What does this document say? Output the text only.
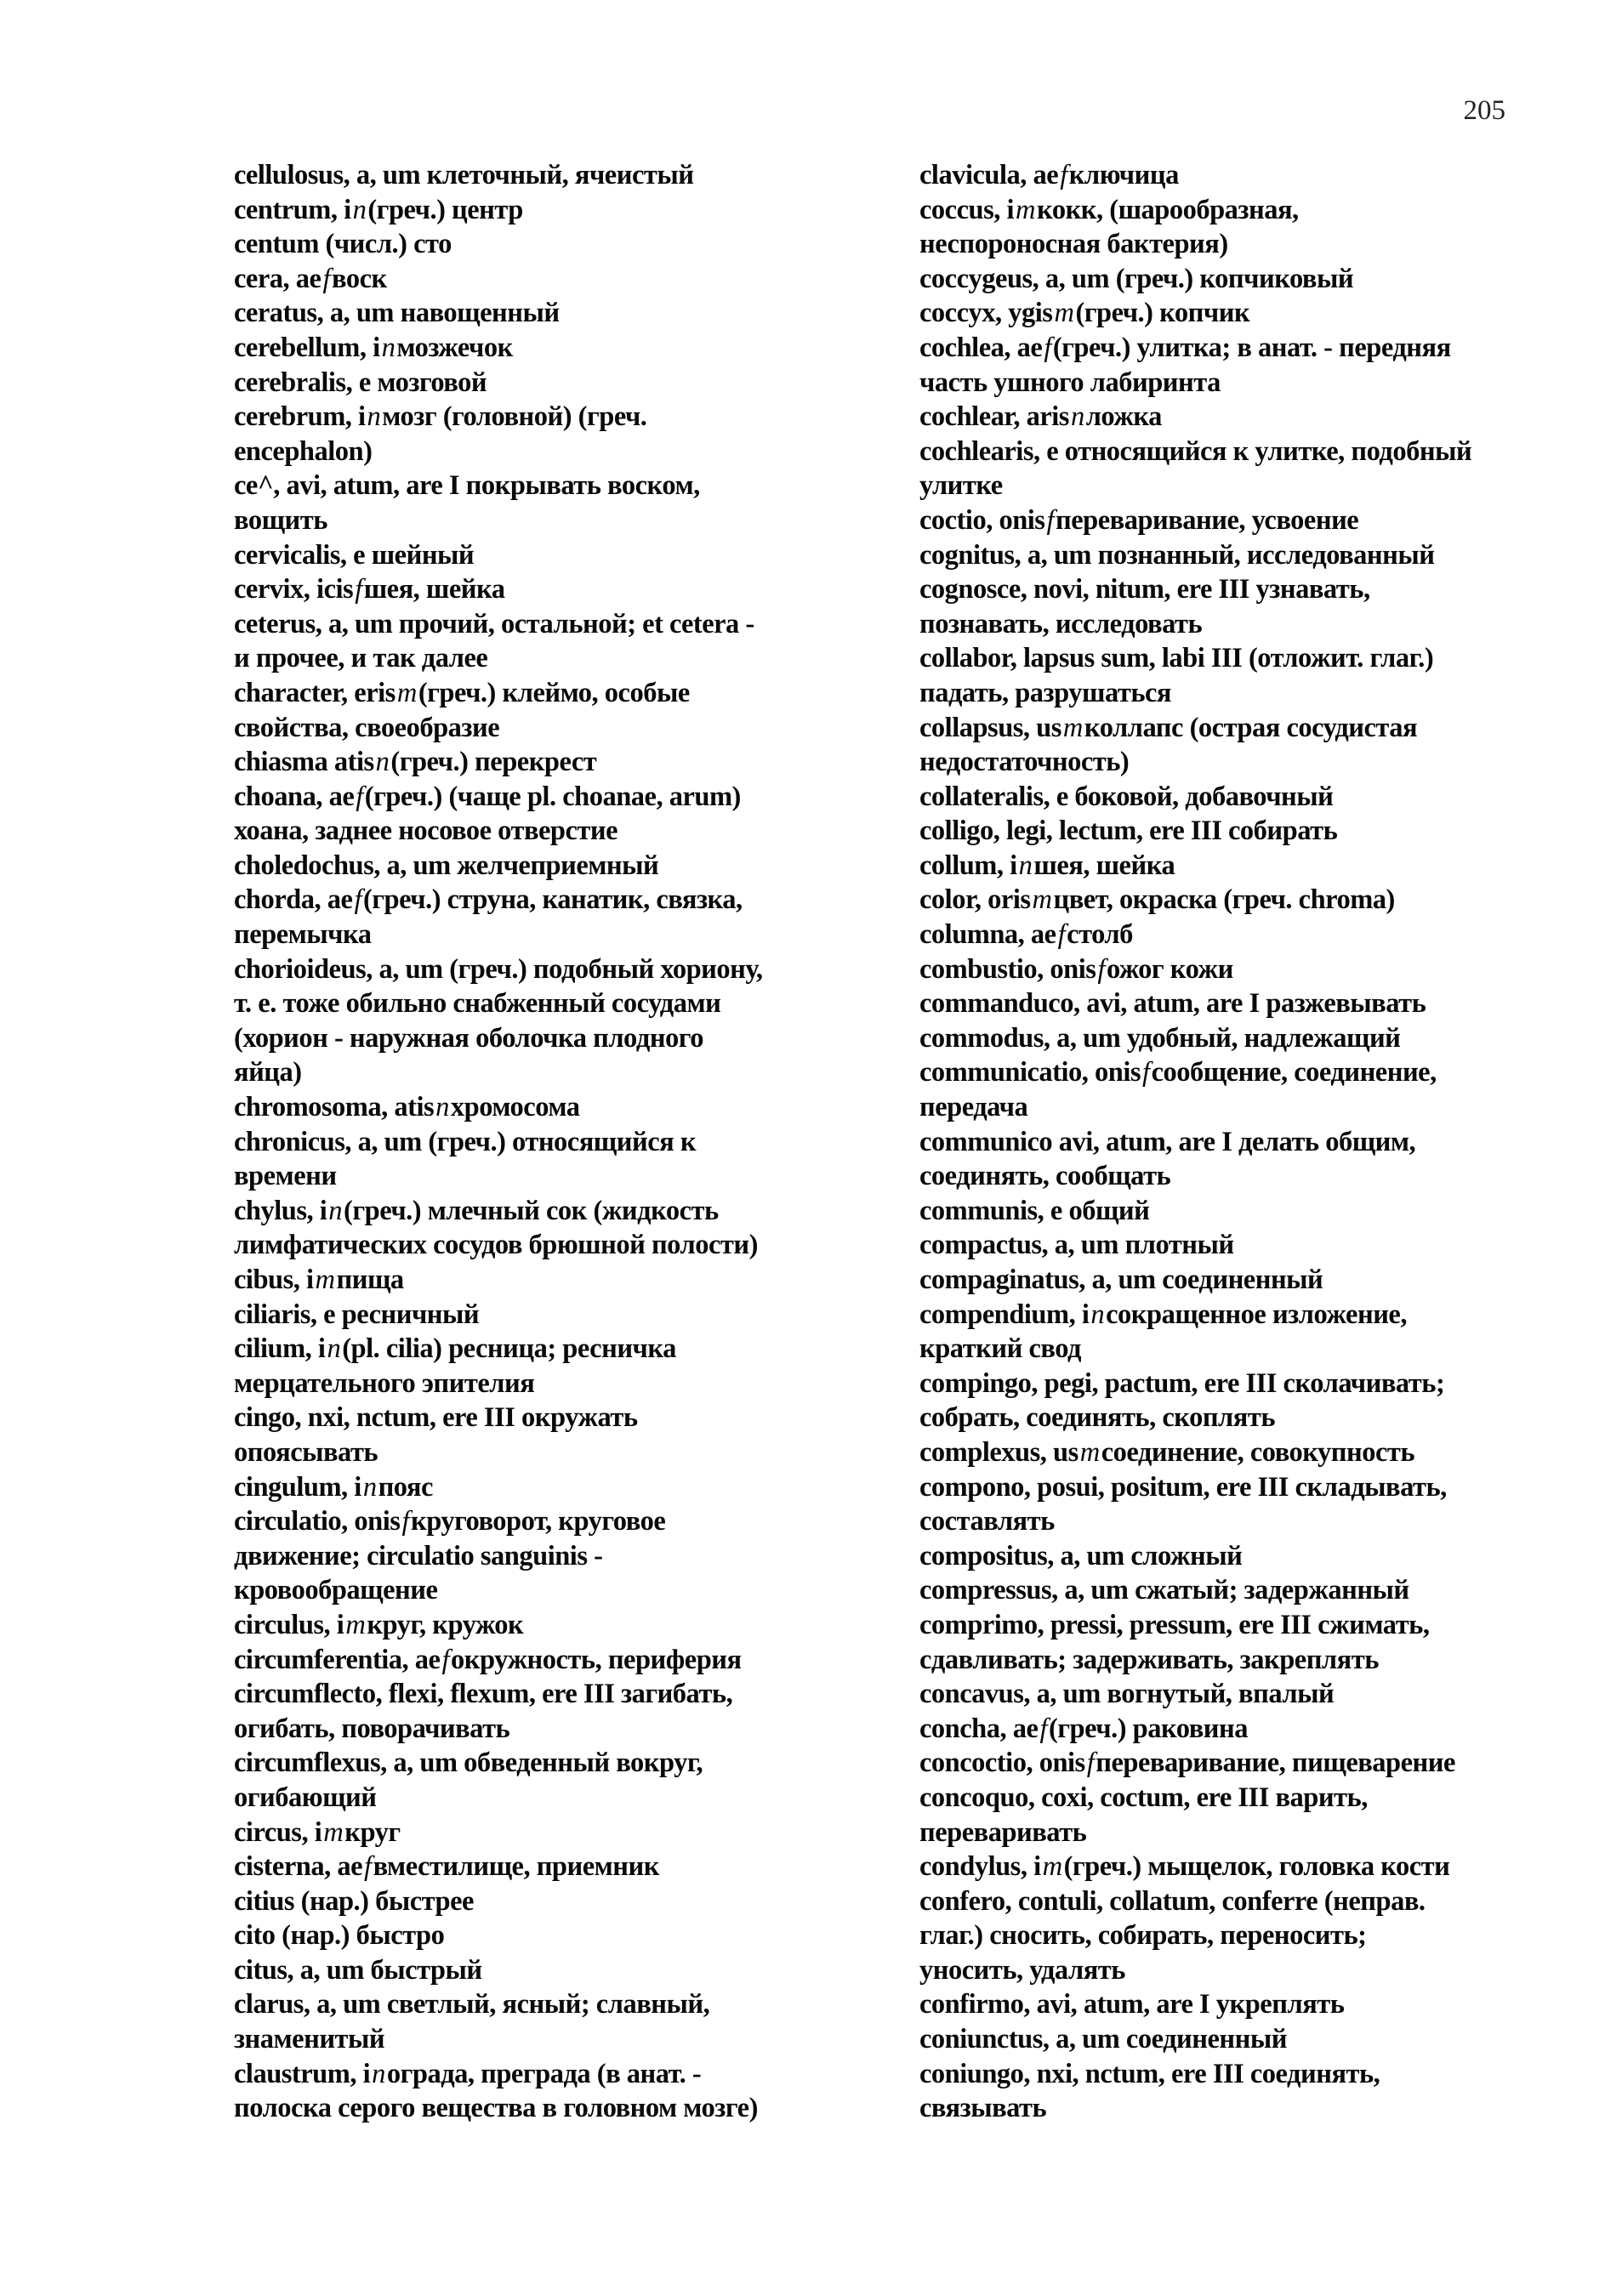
205
cellulosus, a, um клеточный, ячеистый
centrum, in(греч.) центр
centum (числ.) сто
cera, aefвоск
ceratus, a, um навощенный
cerebellum, inмозжечок
cerebralis, e мозговой
cerebrum, inмозг (головной) (греч.
encephalon)
ce^, avi, atum, are I покрывать воском,
вощить
cervicalis, e шейный
cervix, icisfшея, шейка
ceterus, a, um прочий, остальной; et cetera -
и прочее, и так далее
character, erism(греч.) клеймо, особые
свойства, своеобразие
chiasma atisn(греч.) перекрест
choana, aef(греч.) (чаще pl. choanae, arum)
хоана, заднее носовое отверстие
choledochus, a, um желчеприемный
chorda, aef(греч.) струна, канатик, связка,
перемычка
chorioideus, a, um (греч.) подобный хориону,
т. е. тоже обильно снабженный сосудами
(хорион - наружная оболочка плодного
яйца)
chromosoma, atisnхромосома
chronicus, a, um (греч.) относящийся к
времени
chylus, in(греч.) млечный сок (жидкость
лимфатических сосудов брюшной полости)
cibus, imпища
ciliaris, e ресничный
cilium, in(pl. cilia) ресница; ресничка
мерцательного эпителия
cingo, nxi, nctum, ere III окружать
опоясывать
cingulum, inпояс
circulatio, onisfкруговорот, круговое
движение; circulatio sanguinis -
кровообращение
circulus, imкруг, кружок
circumferentia, aefокружность, периферия
circumflecto, flexi, flexum, ere III загибать,
огибать, поворачивать
circumflexus, a, um обведенный вокруг,
огибающий
circus, imкруг
cisterna, aefвместилище, приемник
citius (нар.) быстрее
cito (нар.) быстро
citus, a, um быстрый
clarus, a, um светлый, ясный; славный,
знаменитый
claustrum, inограда, преграда (в анат. -
полоска серого вещества в головном мозге)
clavicula, aefключица
coccus, imкокк, (шарообразная,
неспороносная бактерия)
coccygeus, a, um (греч.) копчиковый
coccyx, ygism(греч.) копчик
cochlea, aef(греч.) улитка; в анат. - передняя
часть ушного лабиринта
cochlear, arisnложка
cochlearis, e относящийся к улитке, подобный
улитке
coctio, onisfпереваривание, усвоение
cognitus, a, um познанный, исследованный
cognosce, novi, nitum, ere III узнавать,
познавать, исследовать
collabor, lapsus sum, labi III (отложит. глаг.)
падать, разрушаться
collapsus, usmколлапс (острая сосудистая
недостаточность)
collateralis, e боковой, добавочный
colligo, legi, lectum, ere III собирать
collum, inшея, шейка
color, orismцвет, окраска (греч. chroma)
columna, aefстолб
combustio, onisfожог кожи
commanduco, avi, atum, are I разжевывать
commodus, a, um удобный, надлежащий
communicatio, onisfсообщение, соединение,
передача
communico avi, atum, are I делать общим,
соединять, сообщать
communis, e общий
compactus, a, um плотный
compaginatus, a, um соединенный
compendium, inсокращенное изложение,
краткий свод
compingo, pegi, pactum, ere III сколачивать;
собрать, соединять, скоплять
complexus, usmсоединение, совокупность
compono, posui, positum, ere III складывать,
составлять
compositus, a, um сложный
compressus, a, um сжатый; задержанный
comprimo, pressi, pressum, ere III сжимать,
сдавливать; задерживать, закреплять
concavus, a, um вогнутый, впалый
concha, aef(греч.) раковина
concoctio, onisfпереваривание, пищеварение
concoquo, coxi, coctum, ere III варить,
переваривать
condylus, im(греч.) мыщелок, головка кости
confero, contuli, collatum, conferre (неправ.
глаг.) сносить, собирать, переносить;
уносить, удалять
confirmo, avi, atum, are I укреплять
coniunctus, a, um соединенный
coniungo, nxi, nctum, ere III соединять,
связывать
